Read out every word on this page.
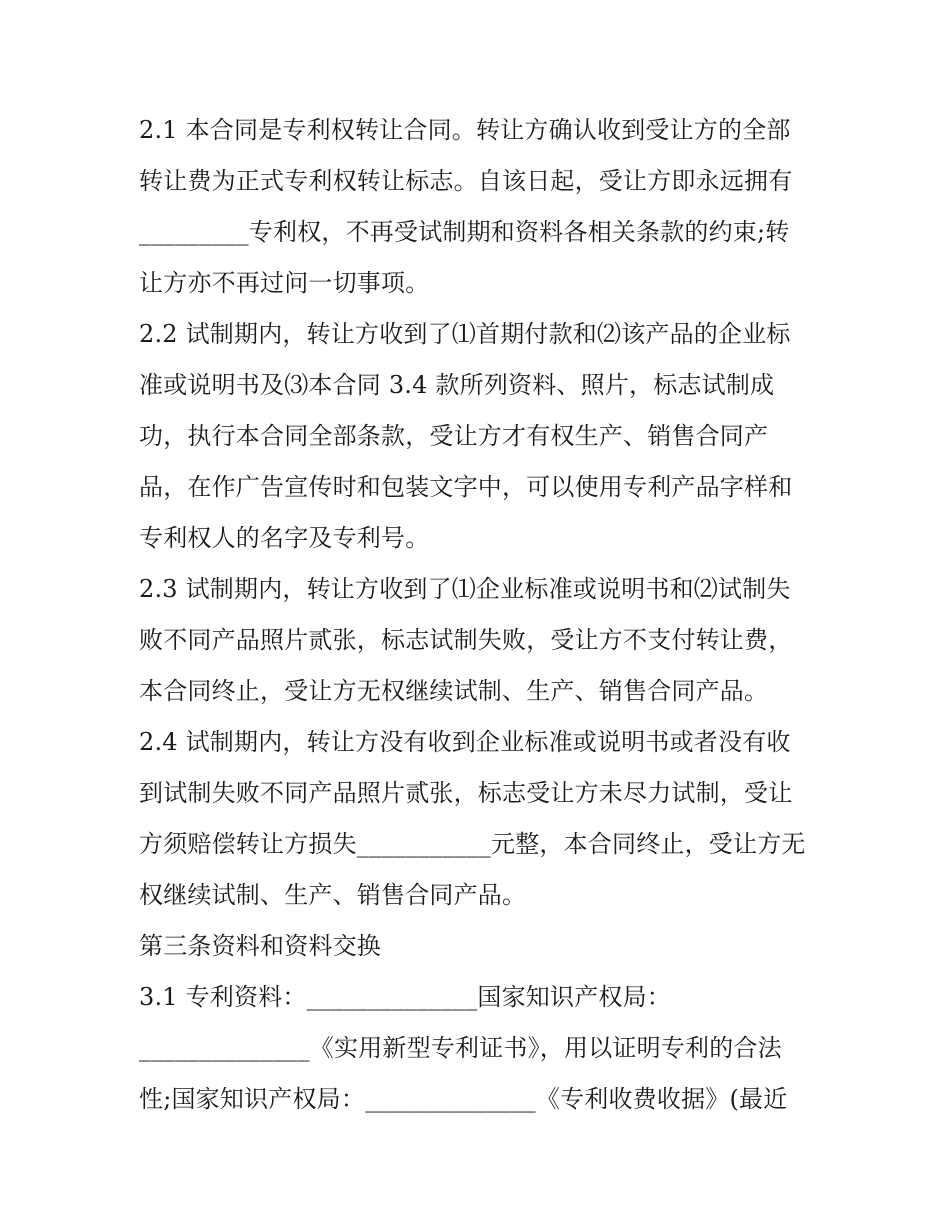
2.1 本合同是专利权转让合同。转让方确认收到受让方的全部
转让费为正式专利权转让标志。自该日起，受让方即永远拥有
_________专利权，不再受试制期和资料各相关条款的约束;转
让方亦不再过问一切事项。
2.2 试制期内，转让方收到了⑴首期付款和⑵该产品的企业标
准或说明书及⑶本合同 3.4 款所列资料、照片，标志试制成
功，执行本合同全部条款，受让方才有权生产、销售合同产
品，在作广告宣传时和包装文字中，可以使用专利产品字样和
专利权人的名字及专利号。
2.3 试制期内，转让方收到了⑴企业标准或说明书和⑵试制失
败不同产品照片贰张，标志试制失败，受让方不支付转让费，
本合同终止，受让方无权继续试制、生产、销售合同产品。
2.4 试制期内，转让方没有收到企业标准或说明书或者没有收
到试制失败不同产品照片贰张，标志受让方未尽力试制，受让
方须赔偿转让方损失___________元整，本合同终止，受让方无
权继续试制、生产、销售合同产品。
第三条资料和资料交换
3.1 专利资料：______________国家知识产权局：
______________《实用新型专利证书》，用以证明专利的合法
性;国家知识产权局：______________《专利收费收据》(最近
